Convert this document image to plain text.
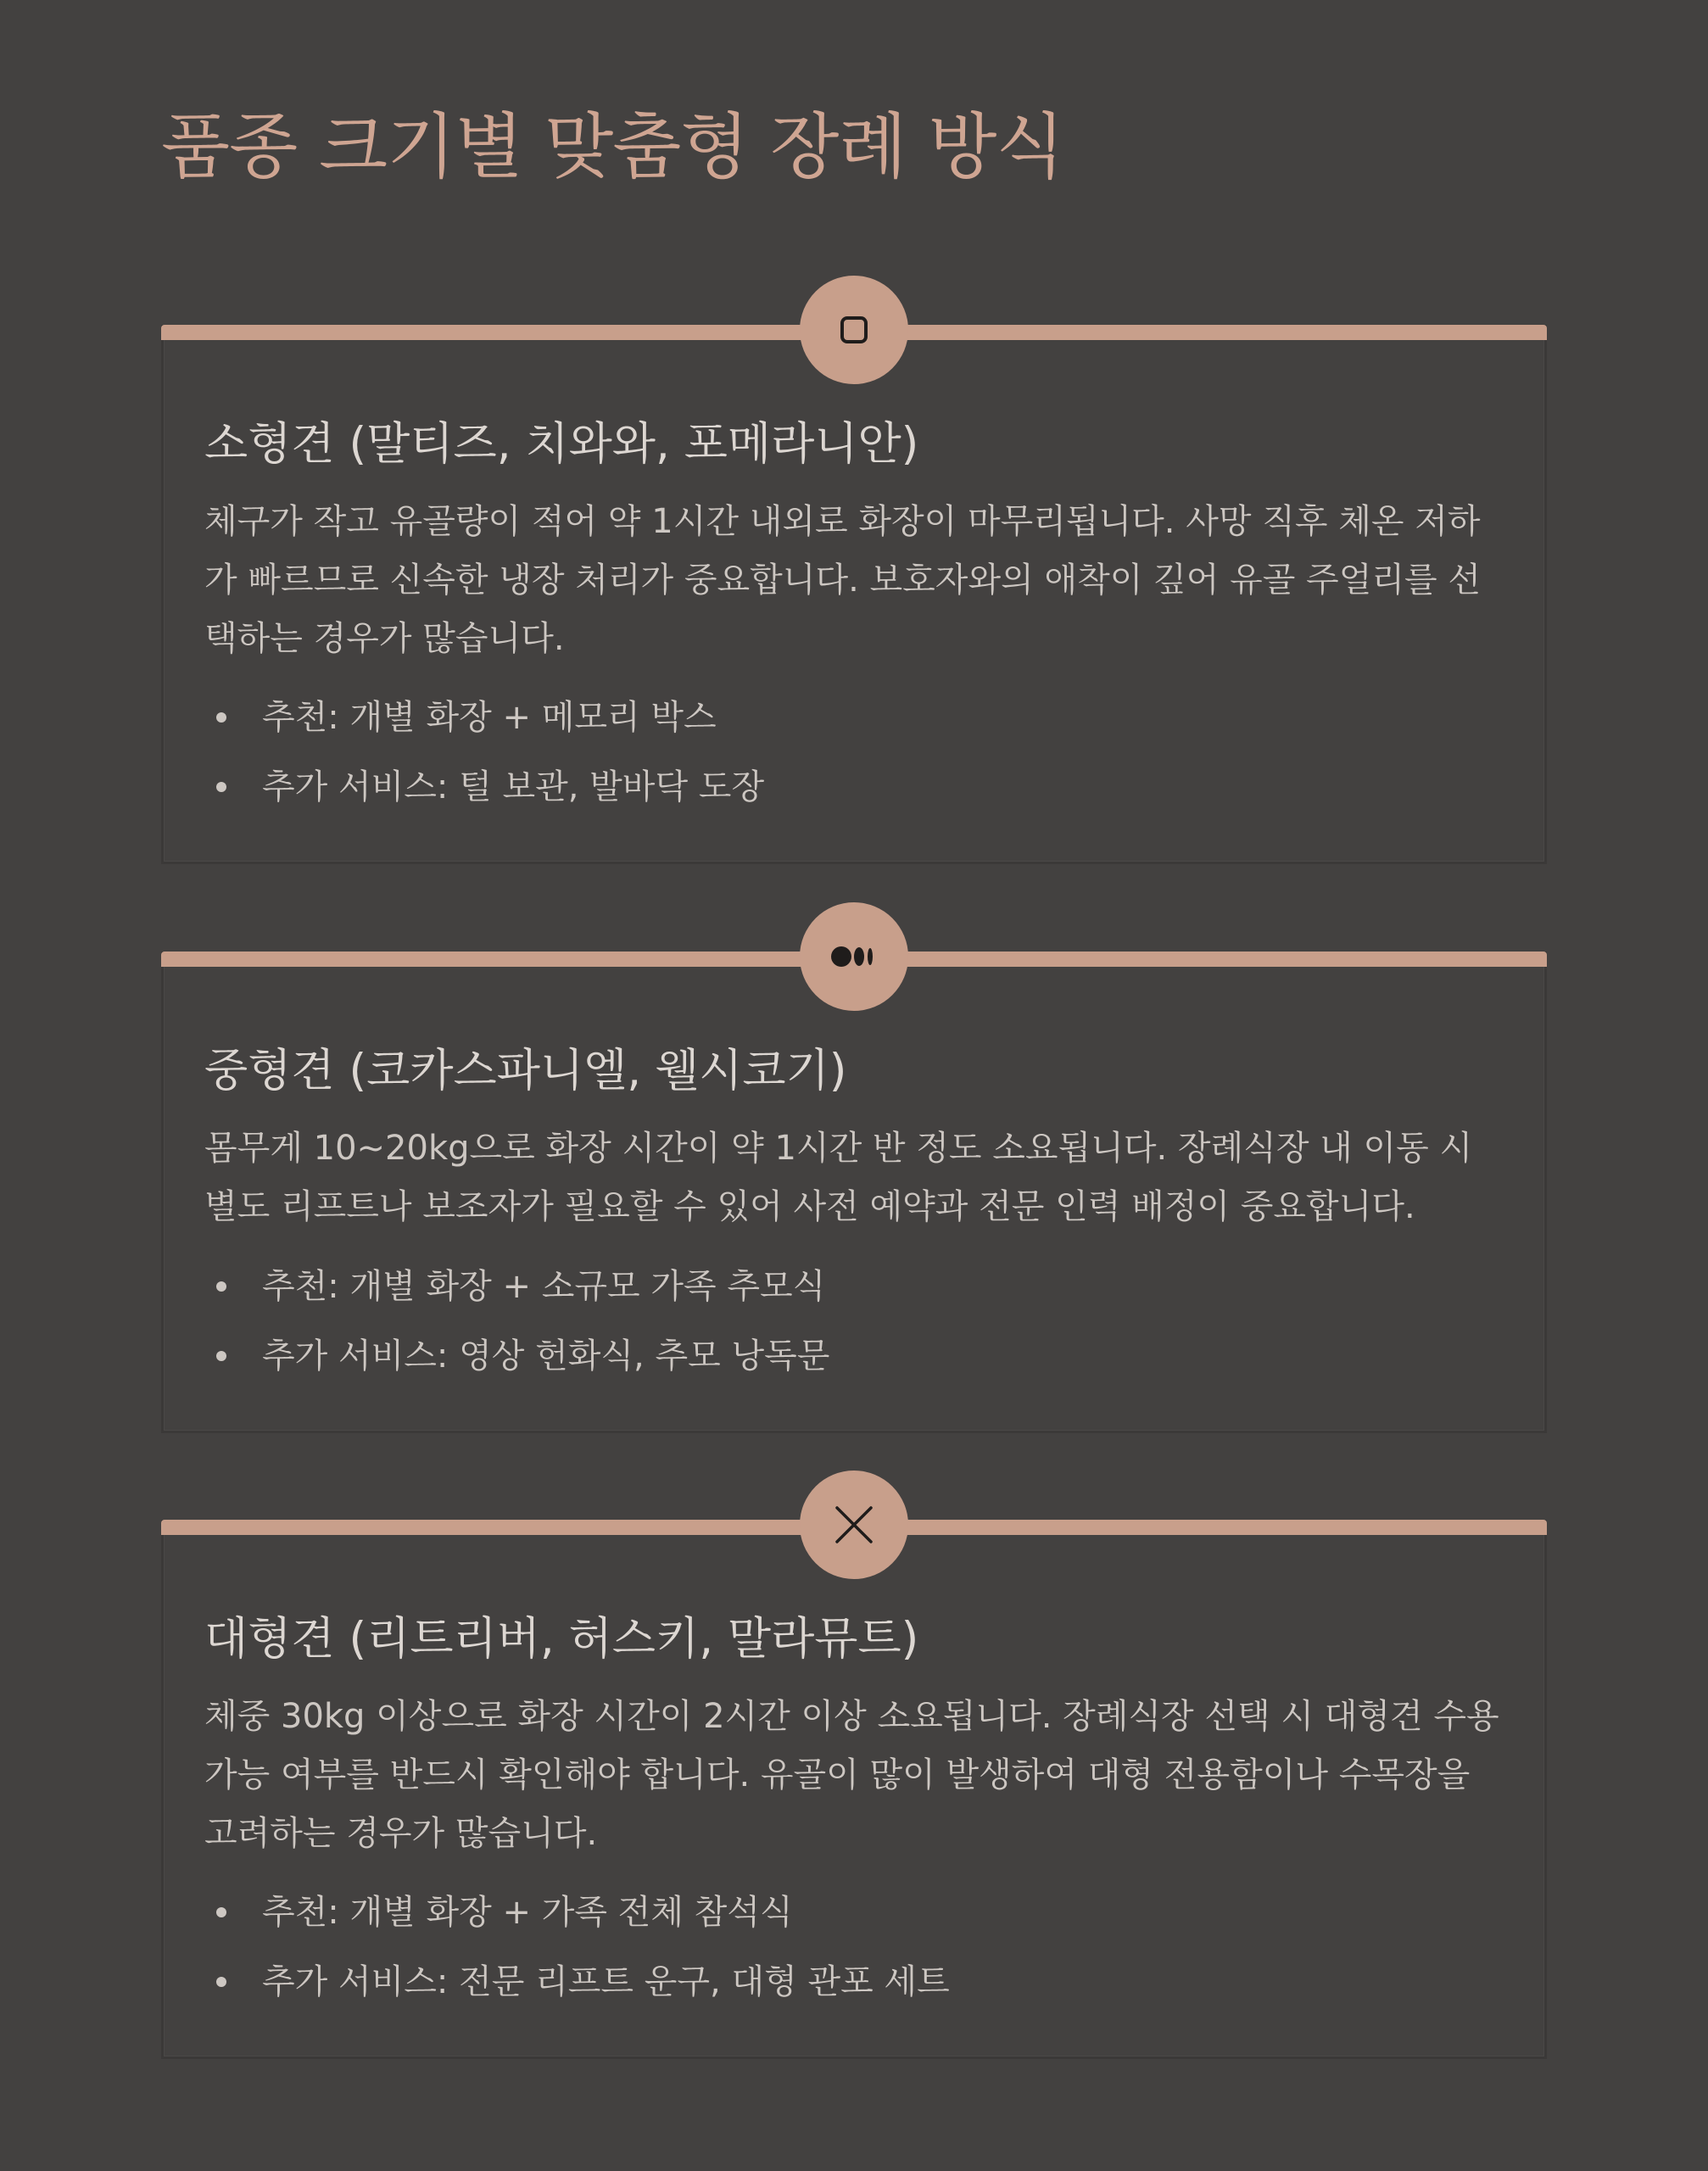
품종 크기별 맞춤형 장례 방식
소형견 (말티즈, 치와와, 포메라니안)

체구가 작고 유골량이 적어 약 1시간 내외로 화장이 마무리됩니다. 사망 직후 체온 저하가 빠르므로 신속한 냉장 처리가 중요합니다. 보호자와의 애착이 깊어 유골 주얼리를 선택하는 경우가 많습니다.

추천: 개별 화장 + 메모리 박스
추가 서비스: 털 보관, 발바닥 도장
중형견 (코카스파니엘, 웰시코기)

몸무게 10~20kg으로 화장 시간이 약 1시간 반 정도 소요됩니다. 장례식장 내 이동 시 별도 리프트나 보조자가 필요할 수 있어 사전 예약과 전문 인력 배정이 중요합니다.

추천: 개별 화장 + 소규모 가족 추모식
추가 서비스: 영상 헌화식, 추모 낭독문
대형견 (리트리버, 허스키, 말라뮤트)

체중 30kg 이상으로 화장 시간이 2시간 이상 소요됩니다. 장례식장 선택 시 대형견 수용 가능 여부를 반드시 확인해야 합니다. 유골이 많이 발생하여 대형 전용함이나 수목장을 고려하는 경우가 많습니다.

추천: 개별 화장 + 가족 전체 참석식
추가 서비스: 전문 리프트 운구, 대형 관포 세트
